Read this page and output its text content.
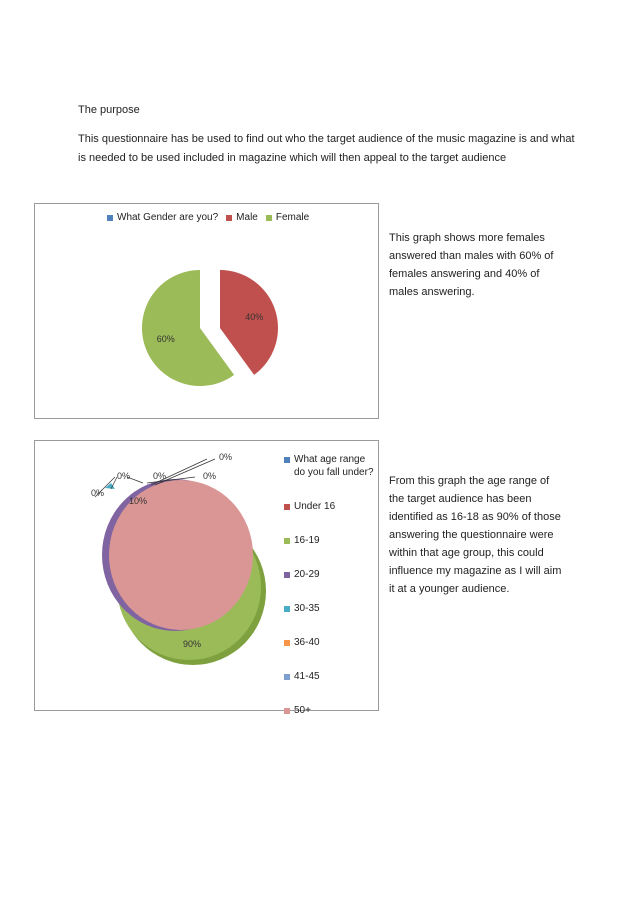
The purpose
This questionnaire has be used to find out who the target audience of the music magazine is and what is needed to be used included in magazine which will then appeal to the target audience
What Gender are you? Male Female
40%
60%
0%
0%	0%	0%
0%
10%
90%
What age range do you fall under?
Under 16
16-19
20-29
30-35
36-40
41-45
50+
This graph shows more females answered than males with 60% of females answering and 40% of males answering.
From this graph the age range of the target audience has been identified as 16-18 as 90% of those answering the questionnaire were within that age group, this could influence my magazine as I will aim it at a younger audience.
